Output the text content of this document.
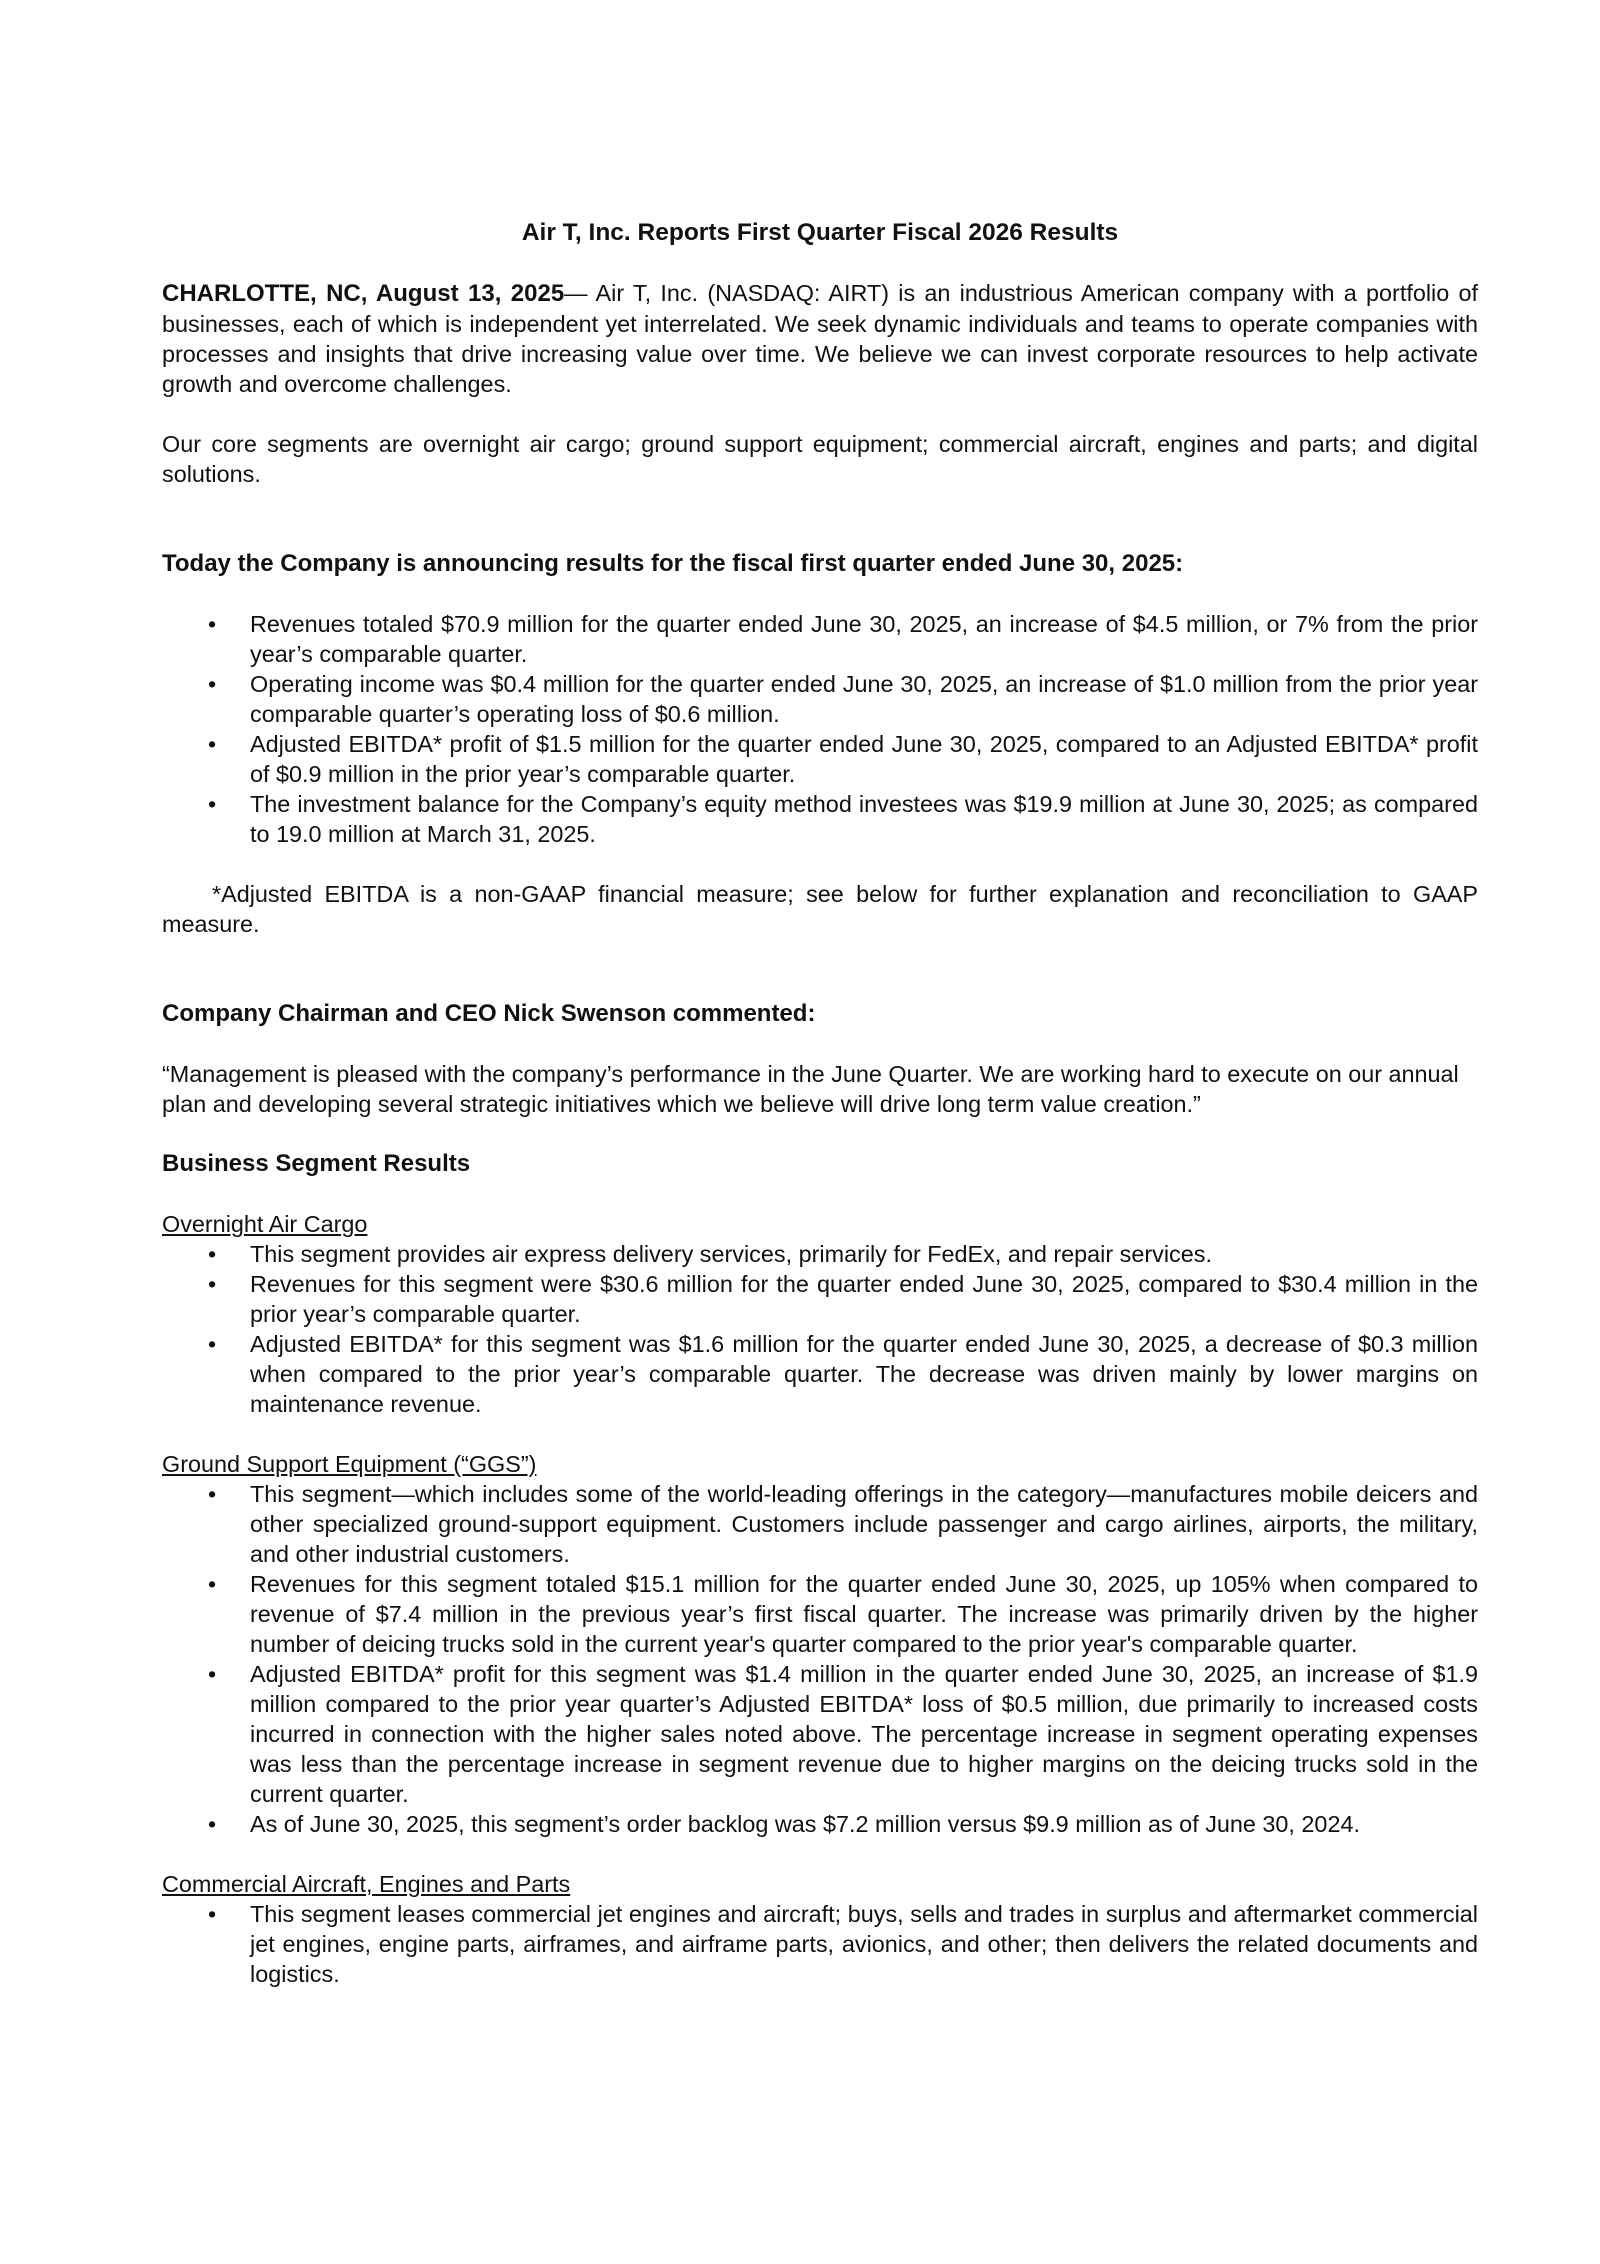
Air T, Inc. Reports First Quarter Fiscal 2026 Results

CHARLOTTE, NC, August 13, 2025— Air T, Inc. (NASDAQ: AIRT) is an industrious American company with a portfolio of businesses, each of which is independent yet interrelated. We seek dynamic individuals and teams to operate companies with processes and insights that drive increasing value over time. We believe we can invest corporate resources to help activate growth and overcome challenges.

Our core segments are overnight air cargo; ground support equipment; commercial aircraft, engines and parts; and digital solutions.

Today the Company is announcing results for the fiscal first quarter ended June 30, 2025:

• Revenues totaled $70.9 million for the quarter ended June 30, 2025, an increase of $4.5 million, or 7% from the prior year’s comparable quarter.
• Operating income was $0.4 million for the quarter ended June 30, 2025, an increase of $1.0 million from the prior year comparable quarter’s operating loss of $0.6 million.
• Adjusted EBITDA* profit of $1.5 million for the quarter ended June 30, 2025, compared to an Adjusted EBITDA* profit of $0.9 million in the prior year’s comparable quarter.
• The investment balance for the Company’s equity method investees was $19.9 million at June 30, 2025; as compared to 19.0 million at March 31, 2025.

*Adjusted EBITDA is a non-GAAP financial measure; see below for further explanation and reconciliation to GAAP measure.

Company Chairman and CEO Nick Swenson commented:

“Management is pleased with the company’s performance in the June Quarter. We are working hard to execute on our annual plan and developing several strategic initiatives which we believe will drive long term value creation.”

Business Segment Results

Overnight Air Cargo

• This segment provides air express delivery services, primarily for FedEx, and repair services.
• Revenues for this segment were $30.6 million for the quarter ended June 30, 2025, compared to $30.4 million in the prior year’s comparable quarter.
• Adjusted EBITDA* for this segment was $1.6 million for the quarter ended June 30, 2025, a decrease of $0.3 million when compared to the prior year’s comparable quarter. The decrease was driven mainly by lower margins on maintenance revenue.

Ground Support Equipment (“GGS”)

• This segment—which includes some of the world-leading offerings in the category—manufactures mobile deicers and other specialized ground-support equipment. Customers include passenger and cargo airlines, airports, the military, and other industrial customers.
• Revenues for this segment totaled $15.1 million for the quarter ended June 30, 2025, up 105% when compared to revenue of $7.4 million in the previous year’s first fiscal quarter. The increase was primarily driven by the higher number of deicing trucks sold in the current year's quarter compared to the prior year's comparable quarter.
• Adjusted EBITDA* profit for this segment was $1.4 million in the quarter ended June 30, 2025, an increase of $1.9 million compared to the prior year quarter’s Adjusted EBITDA* loss of $0.5 million, due primarily to increased costs incurred in connection with the higher sales noted above. The percentage increase in segment operating expenses was less than the percentage increase in segment revenue due to higher margins on the deicing trucks sold in the current quarter.
• As of June 30, 2025, this segment’s order backlog was $7.2 million versus $9.9 million as of June 30, 2024.

Commercial Aircraft, Engines and Parts

• This segment leases commercial jet engines and aircraft; buys, sells and trades in surplus and aftermarket commercial jet engines, engine parts, airframes, and airframe parts, avionics, and other; then delivers the related documents and logistics.
